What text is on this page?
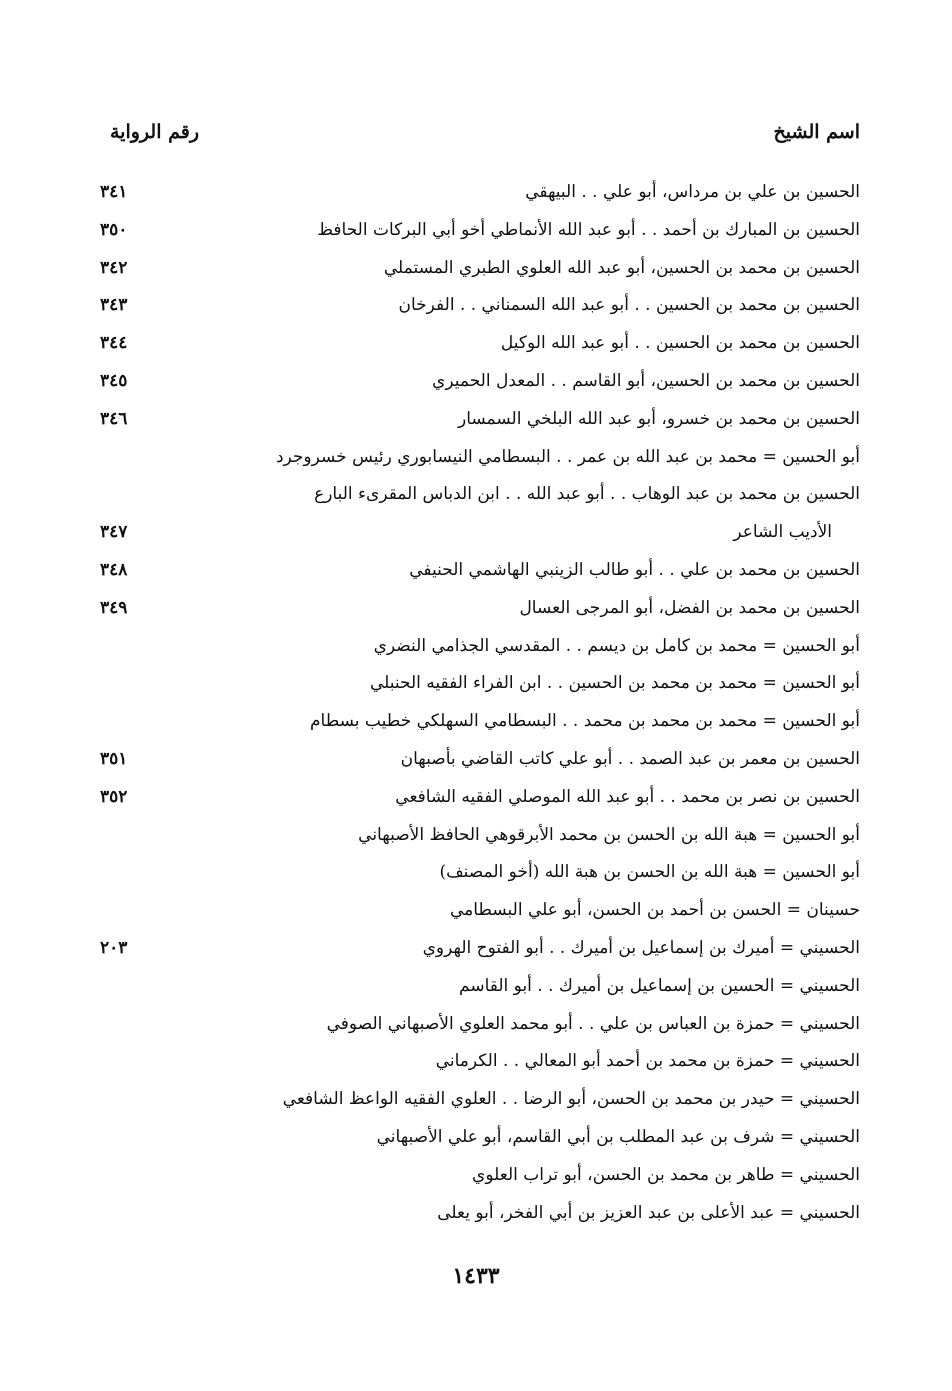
اسم الشيخ
رقم الرواية
الحسين بن علي بن مرداس، أبو علي . . البيهقي
٣٤١
الحسين بن المبارك بن أحمد . . أبو عبد الله الأنماطي أخو أبي البركات الحافظ
٣٥٠
الحسين بن محمد بن الحسين، أبو عبد الله العلوي الطبري المستملي
٣٤٢
الحسين بن محمد بن الحسين . . أبو عبد الله السمناني . . الفرخان
٣٤٣
الحسين بن محمد بن الحسين . . أبو عبد الله الوكيل
٣٤٤
الحسين بن محمد بن الحسين، أبو القاسم . . المعدل الحميري
٣٤٥
الحسين بن محمد بن خسرو، أبو عبد الله البلخي السمسار
٣٤٦
أبو الحسين = محمد بن عبد الله بن عمر . . البسطامي النيسابوري رئيس خسروجرد
الحسين بن محمد بن عبد الوهاب . . أبو عبد الله . . ابن الدباس المقرىء البارع
الأديب الشاعر
٣٤٧
الحسين بن محمد بن علي . . أبو طالب الزينبي الهاشمي الحنيفي
٣٤٨
الحسين بن محمد بن الفضل، أبو المرجى العسال
٣٤٩
أبو الحسين = محمد بن كامل بن ديسم . . المقدسي الجذامي النضري
أبو الحسين = محمد بن محمد بن الحسين . . ابن الفراء الفقيه الحنبلي
أبو الحسين = محمد بن محمد بن محمد . . البسطامي السهلكي خطيب بسطام
الحسين بن معمر بن عبد الصمد . . أبو علي كاتب القاضي بأصبهان
٣٥١
الحسين بن نصر بن محمد . . أبو عبد الله الموصلي الفقيه الشافعي
٣٥٢
أبو الحسين = هبة الله بن الحسن بن محمد الأبرقوهي الحافظ الأصبهاني
أبو الحسين = هبة الله بن الحسن بن هبة الله (أخو المصنف)
حسينان = الحسن بن أحمد بن الحسن، أبو علي البسطامي
الحسيني = أميرك بن إسماعيل بن أميرك . . أبو الفتوح الهروي
٢٠٣
الحسيني = الحسين بن إسماعيل بن أميرك . . أبو القاسم
الحسيني = حمزة بن العباس بن علي . . أبو محمد العلوي الأصبهاني الصوفي
الحسيني = حمزة بن محمد بن أحمد أبو المعالي . . الكرماني
الحسيني = حيدر بن محمد بن الحسن، أبو الرضا . . العلوي الفقيه الواعظ الشافعي
الحسيني = شرف بن عبد المطلب بن أبي القاسم، أبو علي الأصبهاني
الحسيني = طاهر بن محمد بن الحسن، أبو تراب العلوي
الحسيني = عبد الأعلى بن عبد العزيز بن أبي الفخر، أبو يعلى
١٤٣٣
